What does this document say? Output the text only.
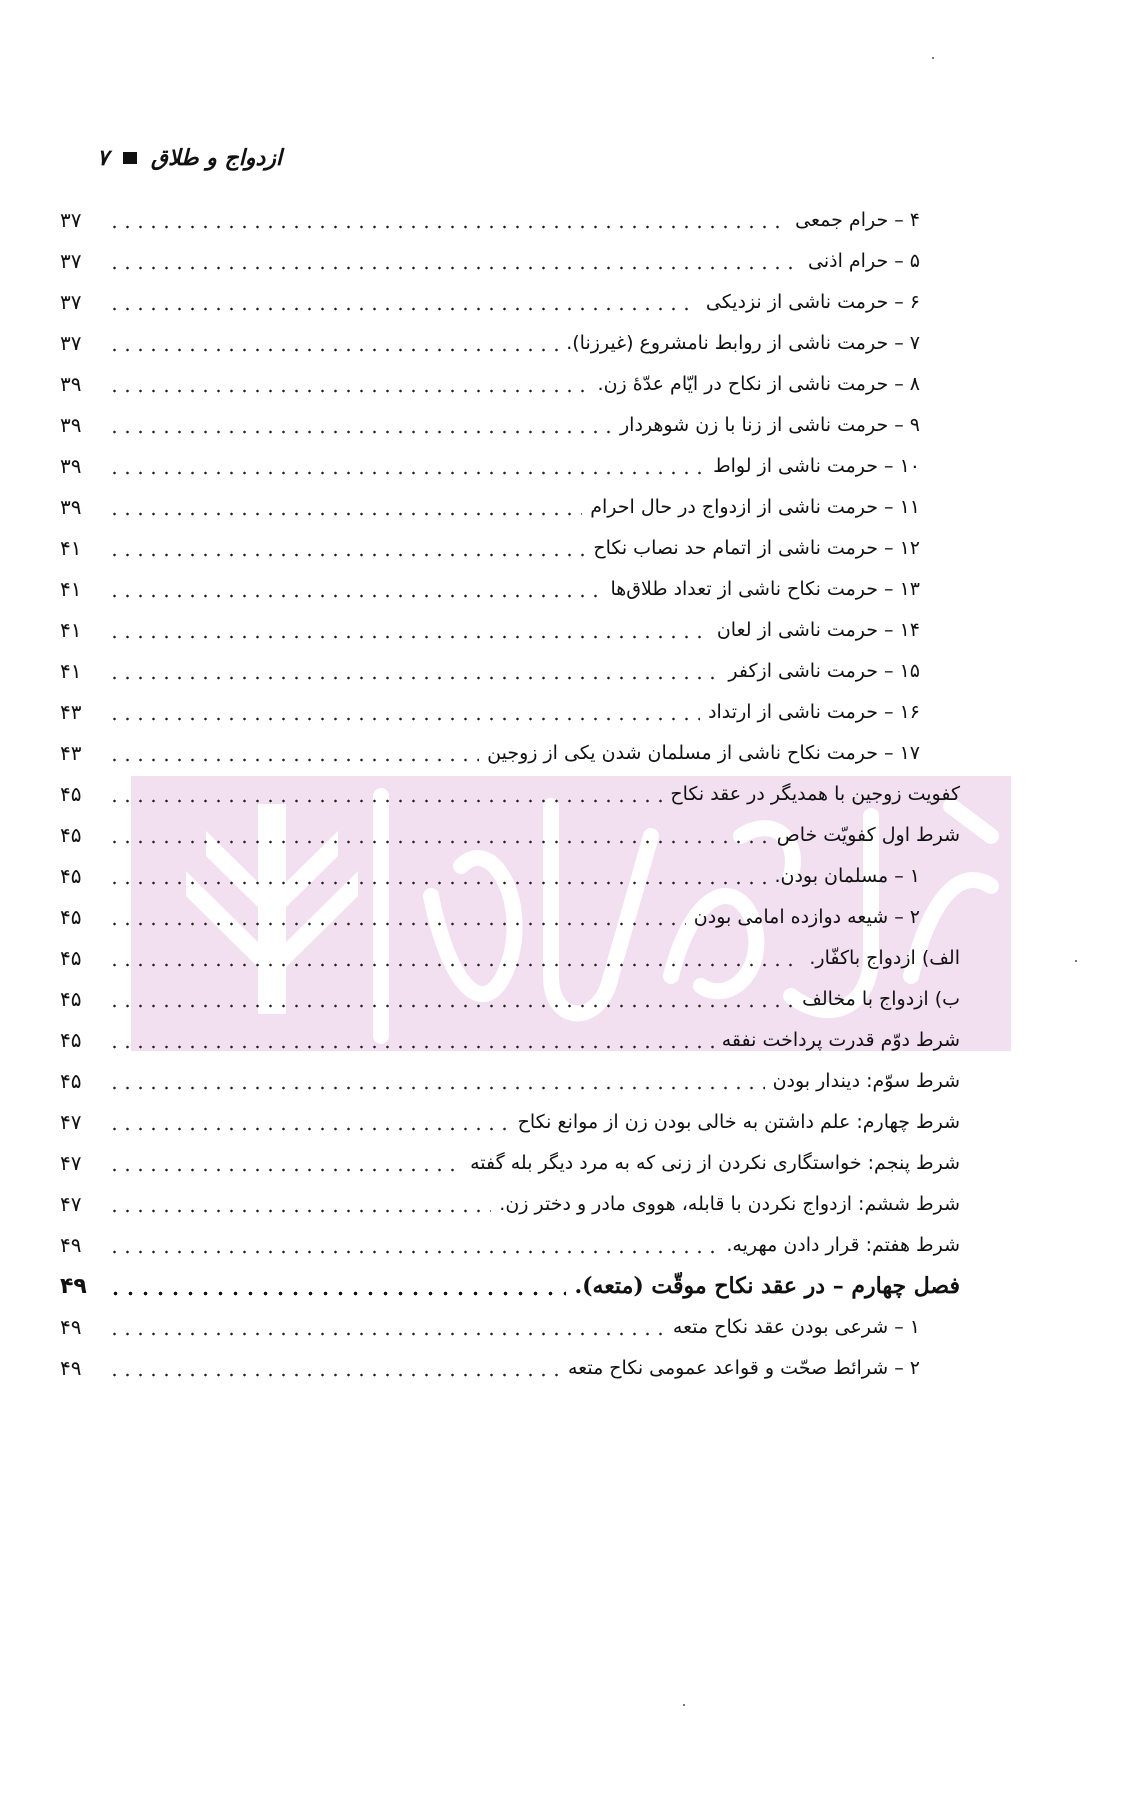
ازدواج و طلاق
۷
۴ – حرام جمعی
۳۷
۵ – حرام اذنی
۳۷
۶ – حرمت ناشی از نزدیکی
۳۷
۷ – حرمت ناشی از روابط نامشروع (غیرزنا).
۳۷
۸ – حرمت ناشی از نکاح در ایّام عدّهٔ زن.
۳۹
۹ – حرمت ناشی از زنا با زن شوهردار
۳۹
۱۰ – حرمت ناشی از لواط
۳۹
۱۱ – حرمت ناشی از ازدواج در حال احرام
۳۹
۱۲ – حرمت ناشی از اتمام حد نصاب نکاح
۴۱
۱۳ – حرمت نکاح ناشی از تعداد طلاق‌ها
۴۱
۱۴ – حرمت ناشی از لعان
۴۱
۱۵ – حرمت ناشی ازکفر
۴۱
۱۶ – حرمت ناشی از ارتداد
۴۳
۱۷ – حرمت نکاح ناشی از مسلمان شدن یکی از زوجین
۴۳
کفویت زوجین با همدیگر در عقد نکاح
۴۵
شرط اول کفویّت خاص
۴۵
۱ – مسلمان بودن.
۴۵
۲ – شیعه دوازده امامی بودن
۴۵
الف) ازدواج باکفّار.
۴۵
ب) ازدواج با مخالف
۴۵
شرط دوّم قدرت پرداخت نفقه
۴۵
شرط سوّم: دیندار بودن
۴۵
شرط چهارم: علم داشتن به خالی بودن زن از موانع نکاح
۴۷
شرط پنجم: خواستگاری نکردن از زنی که به مرد دیگر بله گفته
۴۷
شرط ششم: ازدواج نکردن با قابله، هووی مادر و دختر زن.
۴۷
شرط هفتم: قرار دادن مهریه.
۴۹
فصل چهارم – در عقد نکاح موقّت (متعه).
۴۹
۱ – شرعی بودن عقد نکاح متعه
۴۹
۲ – شرائط صحّت و قواعد عمومی نکاح متعه
۴۹
